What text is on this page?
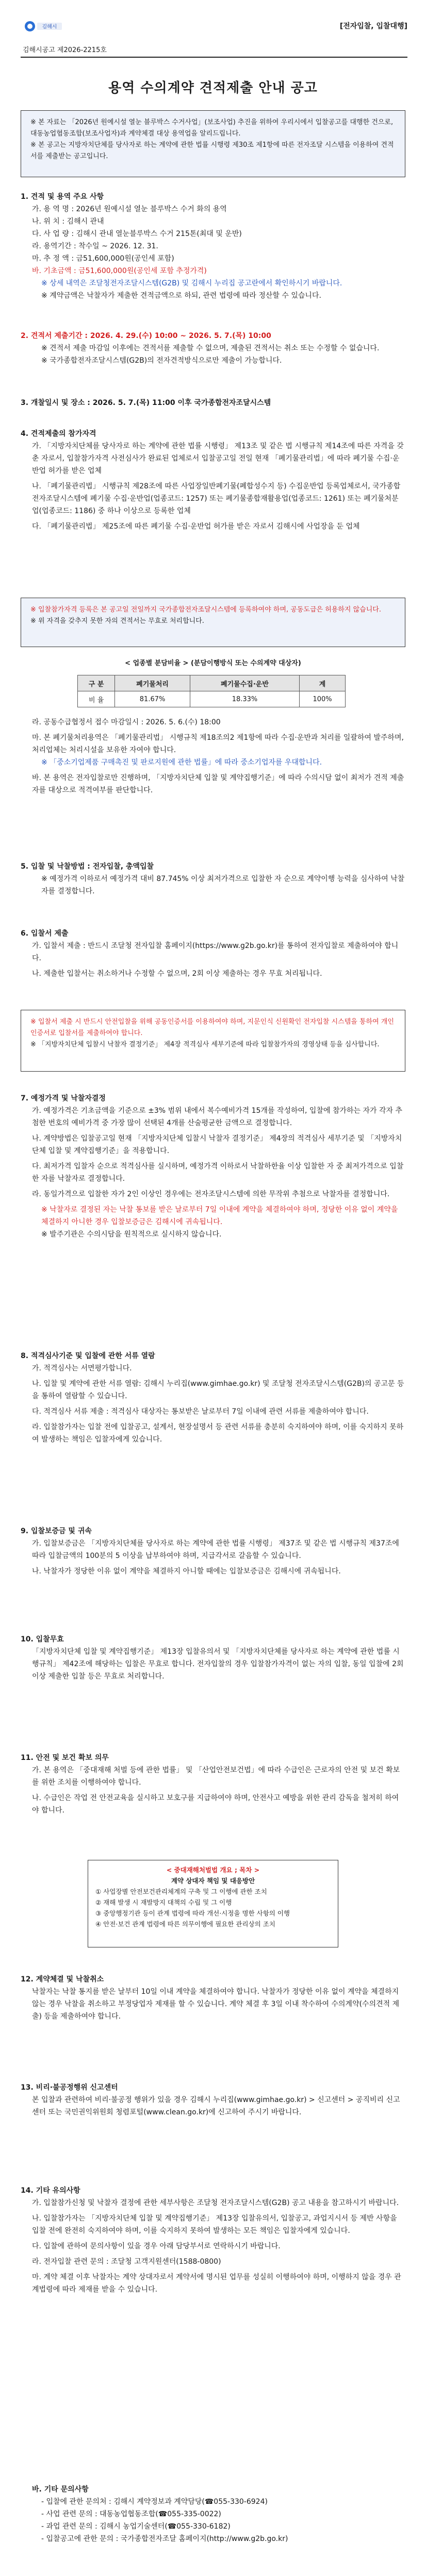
김해시	[전자입찰, 입찰대행]
김해시공고 제2026-2215호
용역 수의계약 견적제출 안내 공고
※ 본 자료는 「2026년 원예시설 열눈 블루박스 수거사업」(보조사업) 추진을 위하여 우리시에서 입찰공고를 대행한 건으로, 대동농업협동조합(보조사업자)과 계약체결 대상 용역업을 알리드립니다.
※ 본 공고는 지방자치단체를 당사자로 하는 계약에 관한 법률 시행령 제30조 제1항에 따른 전자조달 시스템을 이용하여 견적서를 제출받는 공고입니다.
1. 견적 및 용역 주요 사항
가. 용 역 명 : 2026년 원예시설 열눈 블루박스 수거 화의 용역
나. 위 치 : 김해시 관내
다. 사 업 량 : 김해시 관내 열눈블루박스 수거 215톤(최대 및 운반)
라. 용역기간 : 착수일 ~ 2026. 12. 31.
마. 추 정 액 : 금51,600,000원(공인세 포함)
바. 기초금액 : 금51,600,000원(공인세 포함 추정가격)
※ 상세 내역은 조달청전자조달시스템(G2B) 및 김해시 누리집 공고란에서 확인하시기 바랍니다.
※ 계약금액은 낙찰자가 제출한 견적금액으로 하되, 관련 법령에 따라 정산할 수 있습니다.
2. 견적서 제출기간 : 2026. 4. 29.(수) 10:00 ~ 2026. 5. 7.(목) 10:00
※ 견적서 제출 마감일 이후에는 견적서를 제출할 수 없으며, 제출된 견적서는 취소 또는 수정할 수 없습니다.
※ 국가종합전자조달시스템(G2B)의 전자견적방식으로만 제출이 가능합니다.
3. 개찰일시 및 장소 : 2026. 5. 7.(목) 11:00 이후 국가종합전자조달시스템
4. 견적제출의 참가자격
가. 「지방자치단체를 당사자로 하는 계약에 관한 법률 시행령」 제13조 및 같은 법 시행규칙 제14조에 따른 자격을 갖춘 자로서, 입찰참가자격 사전심사가 완료된 업체로서 입찰공고일 전일 현재 「폐기물관리법」에 따라 폐기물 수집·운반업 허가를 받은 업체
나. 「폐기물관리법」 시행규칙 제28조에 따른 사업장일반폐기물(폐합성수지 등) 수집운반업 등록업체로서, 국가종합전자조달시스템에 폐기물 수집·운반업(업종코드: 1257) 또는 폐기물종합재활용업(업종코드: 1261) 또는 폐기물처분업(업종코드: 1186) 중 하나 이상으로 등록한 업체
다. 「폐기물관리법」 제25조에 따른 폐기물 수집·운반업 허가를 받은 자로서 김해시에 사업장을 둔 업체
※ 입찰참가자격 등록은 본 공고일 전일까지 국가종합전자조달시스템에 등록하여야 하며, 공동도급은 허용하지 않습니다.
※ 위 자격을 갖추지 못한 자의 견적서는 무효로 처리합니다.
< 업종별 분담비율 > (분담이행방식 또는 수의계약 대상자)
구 분	폐기물처리	폐기물수집·운반	계
비 율	81.67%	18.33%	100%
라. 공동수급협정서 접수 마감일시 : 2026. 5. 6.(수) 18:00
마. 본 폐기물처리용역은 「폐기물관리법」 시행규칙 제18조의2 제1항에 따라 수집·운반과 처리를 일괄하여 발주하며, 처리업체는 처리시설을 보유한 자여야 합니다.
※ 「중소기업제품 구매촉진 및 판로지원에 관한 법률」에 따라 중소기업자를 우대합니다.
바. 본 용역은 전자입찰로만 진행하며, 「지방자치단체 입찰 및 계약집행기준」에 따라 수의시담 없이 최저가 견적 제출자를 대상으로 적격여부를 판단합니다.
5. 입찰 및 낙찰방법 : 전자입찰, 총액입찰
※ 예정가격 이하로서 예정가격 대비 87.745% 이상 최저가격으로 입찰한 자 순으로 계약이행 능력을 심사하여 낙찰자를 결정합니다.
6. 입찰서 제출
가. 입찰서 제출 : 반드시 조달청 전자입찰 홈페이지(https://www.g2b.go.kr)를 통하여 전자입찰로 제출하여야 합니다.
나. 제출한 입찰서는 취소하거나 수정할 수 없으며, 2회 이상 제출하는 경우 무효 처리됩니다.
※ 입찰서 제출 시 반드시 안전입찰을 위해 공동인증서를 이용하여야 하며, 지문인식 신원확인 전자입찰 시스템을 통하여 개인인증서로 입찰서를 제출하여야 합니다.
※ 「지방자치단체 입찰시 낙찰자 결정기준」 제4장 적격심사 세부기준에 따라 입찰참가자의 경영상태 등을 심사합니다.
7. 예정가격 및 낙찰자결정
가. 예정가격은 기초금액을 기준으로 ±3% 범위 내에서 복수예비가격 15개를 작성하여, 입찰에 참가하는 자가 각자 추첨한 번호의 예비가격 중 가장 많이 선택된 4개를 산술평균한 금액으로 결정합니다.
나. 계약방법은 입찰공고일 현재 「지방자치단체 입찰시 낙찰자 결정기준」 제4장의 적격심사 세부기준 및 「지방자치단체 입찰 및 계약집행기준」을 적용합니다.
다. 최저가격 입찰자 순으로 적격심사를 실시하며, 예정가격 이하로서 낙찰하한율 이상 입찰한 자 중 최저가격으로 입찰한 자를 낙찰자로 결정합니다.
라. 동일가격으로 입찰한 자가 2인 이상인 경우에는 전자조달시스템에 의한 무작위 추첨으로 낙찰자를 결정합니다.
※ 낙찰자로 결정된 자는 낙찰 통보를 받은 날로부터 7일 이내에 계약을 체결하여야 하며, 정당한 이유 없이 계약을 체결하지 아니한 경우 입찰보증금은 김해시에 귀속됩니다.
※ 발주기관은 수의시담을 원칙적으로 실시하지 않습니다.
8. 적격심사기준 및 입찰에 관한 서류 열람
가. 적격심사는 서면평가합니다.
나. 입찰 및 계약에 관한 서류 열람: 김해시 누리집(www.gimhae.go.kr) 및 조달청 전자조달시스템(G2B)의 공고문 등을 통하여 열람할 수 있습니다.
다. 적격심사 서류 제출 : 적격심사 대상자는 통보받은 날로부터 7일 이내에 관련 서류를 제출하여야 합니다.
라. 입찰참가자는 입찰 전에 입찰공고, 설계서, 현장설명서 등 관련 서류를 충분히 숙지하여야 하며, 이를 숙지하지 못하여 발생하는 책임은 입찰자에게 있습니다.
9. 입찰보증금 및 귀속
가. 입찰보증금은 「지방자치단체를 당사자로 하는 계약에 관한 법률 시행령」 제37조 및 같은 법 시행규칙 제37조에 따라 입찰금액의 100분의 5 이상을 납부하여야 하며, 지급각서로 갈음할 수 있습니다.
나. 낙찰자가 정당한 이유 없이 계약을 체결하지 아니할 때에는 입찰보증금은 김해시에 귀속됩니다.
10. 입찰무효
「지방자치단체 입찰 및 계약집행기준」 제13장 입찰유의서 및 「지방자치단체를 당사자로 하는 계약에 관한 법률 시행규칙」 제42조에 해당하는 입찰은 무효로 합니다. 전자입찰의 경우 입찰참가자격이 없는 자의 입찰, 동일 입찰에 2회 이상 제출한 입찰 등은 무효로 처리합니다.
11. 안전 및 보건 확보 의무
가. 본 용역은 「중대재해 처벌 등에 관한 법률」 및 「산업안전보건법」에 따라 수급인은 근로자의 안전 및 보건 확보를 위한 조치를 이행하여야 합니다.
나. 수급인은 작업 전 안전교육을 실시하고 보호구를 지급하여야 하며, 안전사고 예방을 위한 관리 감독을 철저히 하여야 합니다.
< 중대재해처벌법 개요 ; 목차 >
계약 상대자 책임 및 대응방안
① 사업장별 안전보건관리체계의 구축 및 그 이행에 관한 조치
② 재해 발생 시 재발방지 대책의 수립 및 그 이행
③ 중앙행정기관 등이 관계 법령에 따라 개선·시정을 명한 사항의 이행
④ 안전·보건 관계 법령에 따른 의무이행에 필요한 관리상의 조치
12. 계약체결 및 낙찰취소
낙찰자는 낙찰 통지를 받은 날부터 10일 이내 계약을 체결하여야 합니다. 낙찰자가 정당한 이유 없이 계약을 체결하지 않는 경우 낙찰을 취소하고 부정당업자 제재를 할 수 있습니다. 계약 체결 후 3일 이내 착수하여 수의계약(수의견적 제출) 등을 제출하여야 합니다.
13. 비리·불공정행위 신고센터
본 입찰과 관련하여 비리·불공정 행위가 있을 경우 김해시 누리집(www.gimhae.go.kr) > 신고센터 > 공직비리 신고센터 또는 국민권익위원회 청렴포털(www.clean.go.kr)에 신고하여 주시기 바랍니다.
14. 기타 유의사항
가. 입찰참가신청 및 낙찰자 결정에 관한 세부사항은 조달청 전자조달시스템(G2B) 공고 내용을 참고하시기 바랍니다.
나. 입찰참가자는 「지방자치단체 입찰 및 계약집행기준」 제13장 입찰유의서, 입찰공고, 과업지시서 등 제반 사항을 입찰 전에 완전히 숙지하여야 하며, 이를 숙지하지 못하여 발생하는 모든 책임은 입찰자에게 있습니다.
다. 입찰에 관하여 문의사항이 있을 경우 아래 담당부서로 연락하시기 바랍니다.
라. 전자입찰 관련 문의 : 조달청 고객지원센터(1588-0800)
마. 계약 체결 이후 낙찰자는 계약 상대자로서 계약서에 명시된 업무를 성실히 이행하여야 하며, 이행하지 않을 경우 관계법령에 따라 제재를 받을 수 있습니다.
바. 기타 문의사항
- 입찰에 관한 문의처 : 김해시 계약정보과 계약담당(☎055-330-6924)
- 사업 관련 문의 : 대동농업협동조합(☎055-335-0022)
- 과업 관련 문의 : 김해시 농업기술센터(☎055-330-6182)
- 입찰공고에 관한 문의 : 국가종합전자조달 홈페이지(http://www.g2b.go.kr)
